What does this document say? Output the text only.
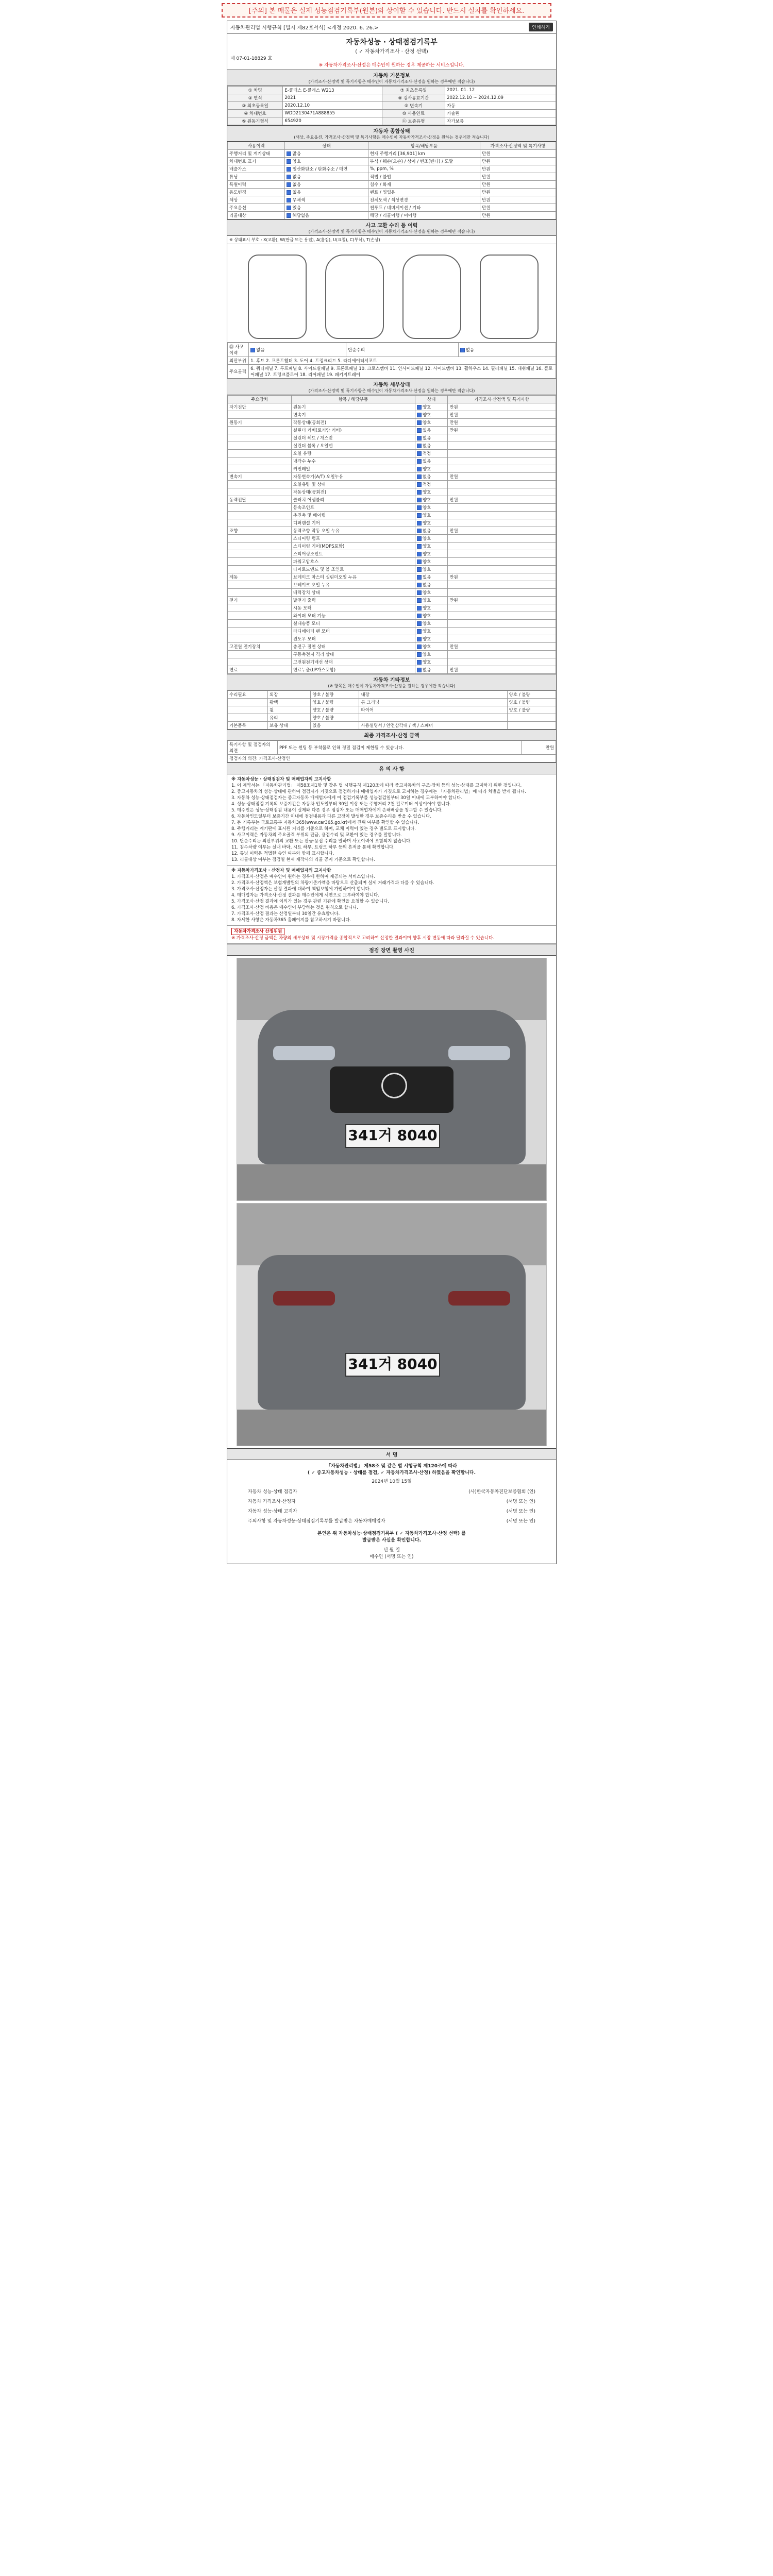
[주의] 본 매물은 실제 성능점검기록부(원본)와 상이할 수 있습니다. 반드시 실차를 확인하세요.
자동차관리법 시행규칙 [별지 제82호서식] <개정 2020. 6. 26.>	인쇄하기
자동차성능 · 상태점검기록부
( ✓ 자동차가격조사 · 산정 선택)
제 07-01-18829 호
※ 자동차가격조사·산정은 매수인이 원하는 경우 제공하는 서비스입니다.
자동차 기본정보
(가격조사·산정액 및 특기사항은 매수인이 자동차가격조사·산정을 원하는 경우에만 적습니다)
① 차명	E-클래스 E-클래스 W213	⑦ 최초등록일	2021. 01. 12
② 연식	2021	⑧ 검사유효기간	2022.12.10 ~ 2024.12.09
③ 최초등록일	2020.12.10	⑨ 변속기	자동
④ 차대번호	WDD2130471A888855	⑩ 사용연료	가솔린
⑤ 원동기형식	654920	⑪ 보증유형	자가보증
자동차 종합상태
(색상, 주요옵션, 가격조사·산정액 및 특기사항은 매수인이 자동차가격조사·산정을 원하는 경우에만 적습니다)
사용이력	상태	항목/해당부품	가격조사·산정액 및 특기사항
주행거리 및 계기상태	많음	현재 주행거리 [36,901] km	만원
차대번호 표기	양호	부식 / 훼손(오손) / 상이 / 변조(변타) / 도말	만원
배출가스	일산화탄소 / 탄화수소 / 매연	%, ppm, %	만원
튜닝	없음	적법 / 불법	만원
특별이력	없음	침수 / 화재	만원
용도변경	없음	렌트 / 영업용	만원
색상	무채색	전체도색 / 색상변경	만원
주요옵션	있음	썬루프 / 네비게이션 / 기타	만원
리콜대상	해당없음	해당 / 리콜이행 / 미이행	만원
사고 교환 수리 등 이력
(가격조사·산정액 및 특기사항은 매수인이 자동차가격조사·산정을 원하는 경우에만 적습니다)
※ 상태표시 부호 : X(교환), W(판금 또는 용접), A(흠집), U(요철), C(부식), T(손상)
⑬ 사고이력	없음	단순수리	없음
외판부위	1. 후드 2. 프론트휀더 3. 도어 4. 트렁크리드 5. 라디에이터서포트		
주요골격	6. 쿼터패널 7. 루프패널 8. 사이드실패널 9. 프론트패널 10. 크로스멤버 11. 인사이드패널 12. 사이드멤버 13. 휠하우스 14. 필러패널 15. 대쉬패널 16. 플로어패널 17. 트렁크플로어 18. 리어패널 19. 패키지트레이		
자동차 세부상태
(가격조사·산정액 및 특기사항은 매수인이 자동차가격조사·산정을 원하는 경우에만 적습니다)
주요장치	항목 / 해당부품	상태	가격조사·산정액 및 특기사항
자기진단	원동기	양호	만원
	변속기	양호	만원
원동기	작동상태(공회전)	양호	만원
	실린더 커버(로커암 커버)	없음	만원
	실린더 헤드 / 개스킷	없음	
	실린더 블록 / 오일팬	없음	
	오일 유량	적정	
	냉각수 누수	없음	
	커먼레일	양호	
변속기	자동변속기(A/T) 오일누유	없음	만원
	오일유량 및 상태	적정	
	작동상태(공회전)	양호	
동력전달	클러치 어셈블리	양호	만원
	등속조인트	양호	
	추진축 및 베어링	양호	
	디퍼렌셜 기어	양호	
조향	동력조향 작동 오일 누유	없음	만원
	스티어링 펌프	양호	
	스티어링 기어(MDPS포함)	양호	
	스티어링조인트	양호	
	파워고압호스	양호	
	타이로드엔드 및 볼 조인트	양호	
제동	브레이크 마스터 실린더오일 누유	없음	만원
	브레이크 오일 누유	없음	
	배력장치 상태	양호	
전기	발전기 출력	양호	만원
	시동 모터	양호	
	와이퍼 모터 기능	양호	
	실내송풍 모터	양호	
	라디에이터 팬 모터	양호	
	윈도우 모터	양호	
고전원 전기장치	충전구 절연 상태	양호	만원
	구동축전지 격리 상태	양호	
	고전원전기배선 상태	양호	
연료	연료누출(LP가스포함)	없음	만원
자동차 기타정보
(※ 항목은 매수인이 자동차가격조사·산정을 원하는 경우에만 적습니다)
수리필요	외장	양호 / 불량	내장	양호 / 불량
	광택	양호 / 불량	룸 크리닝	양호 / 불량
	휠	양호 / 불량	타이어	양호 / 불량
	유리	양호 / 불량		
기본품목	보유 상태	있음	사용설명서 / 안전삼각대 / 잭 / 스패너	
최종 가격조사·산정 금액
특기사항 및 점검자의 의견	PPF 또는 썬팅 등 부착물로 인해 정밀 점검이 제한될 수 있습니다.	만원
점검자의 의견: 가격조사·산정인
유 의 사 항
※ 자동차성능 · 상태점검자 및 매매업자의 고지사항
1. 이 계약서는 「자동차관리법」 제58조제1항 및 같은 법 시행규칙 제120조에 따라 중고자동차의 구조·장치 등의 성능·상태를 고지하기 위한 것입니다.
2. 중고자동차의 성능·상태에 관하여 점검자가 거짓으로 점검하거나 매매업자가 거짓으로 고지하는 경우에는 「자동차관리법」에 따라 처벌을 받게 됩니다.
3. 자동차 성능·상태점검자는 중고자동차 매매업자에게 이 점검기록부를 성능점검일부터 30일 이내에 교부하여야 합니다.
4. 성능·상태점검 기록의 보증기간은 자동차 인도일부터 30일 이상 또는 주행거리 2천 킬로미터 이상이어야 합니다.
5. 매수인은 성능·상태점검 내용이 실제와 다른 경우 점검자 또는 매매업자에게 손해배상을 청구할 수 있습니다.
6. 자동차인도일부터 보증기간 이내에 점검내용과 다른 고장이 발생한 경우 보증수리를 받을 수 있습니다.
7. 본 기록부는 국토교통부 자동차365(www.car365.go.kr)에서 진위 여부를 확인할 수 있습니다.
8. 주행거리는 계기판에 표시된 거리를 기준으로 하며, 교체 이력이 있는 경우 별도로 표시합니다.
9. 사고이력은 자동차의 주요골격 부위의 판금, 용접수리 및 교환이 있는 경우를 말합니다.
10. 단순수리는 외판부위의 교환 또는 판금·용접 수리를 말하며 사고이력에 포함되지 않습니다.
11. 침수차량 여부는 실내 바닥, 시트 하부, 트렁크 하부 등의 흔적을 통해 확인합니다.
12. 튜닝 이력은 적법한 승인 여부와 함께 표시합니다.
13. 리콜대상 여부는 점검일 현재 제작사의 리콜 공지 기준으로 확인합니다.
※ 자동차가격조사 · 산정자 및 매매업자의 고지사항
1. 가격조사·산정은 매수인이 원하는 경우에 한하여 제공되는 서비스입니다.
2. 가격조사·산정액은 보험개발원의 차량기준가액을 바탕으로 산출되며 실제 거래가격과 다를 수 있습니다.
3. 가격조사·산정자는 산정 결과에 대하여 책임보험에 가입하여야 합니다.
4. 매매업자는 가격조사·산정 결과를 매수인에게 서면으로 교부하여야 합니다.
5. 가격조사·산정 결과에 이의가 있는 경우 관련 기관에 확인을 요청할 수 있습니다.
6. 가격조사·산정 비용은 매수인이 부담하는 것을 원칙으로 합니다.
7. 가격조사·산정 결과는 산정일부터 30일간 유효합니다.
8. 자세한 사항은 자동차365 홈페이지를 참고하시기 바랍니다.
자동차가격조사 산정위원
※ 가격조사·산정 금액은 차량의 세부상태 및 시장가격을 종합적으로 고려하여 산정한 결과이며 향후 시장 변동에 따라 달라질 수 있습니다.
점검 장면 촬영 사진
341거 8040
341거 8040
서 명
「자동차관리법」 제58조 및 같은 법 시행규칙 제120조에 따라
( ✓ 중고자동차성능 · 상태를 점검, ✓ 자동차가격조사·산정) 하였음을 확인합니다.
2024년 10월 15일
자동차 성능·상태 점검자	(사)한국자동차진단보증협회 (인)
자동차 가격조사·산정자	(서명 또는 인)
자동차 성능·상태 고지자	(서명 또는 인)
주의사항 및 자동차성능·상태점검기록부를 발급받은 자동차매매업자	(서명 또는 인)
본인은 위 자동차성능·상태점검기록부 ( ✓ 자동차가격조사·산정 선택) 를
발급받은 사실을 확인합니다.
년 월 일
매수인 (서명 또는 인)
